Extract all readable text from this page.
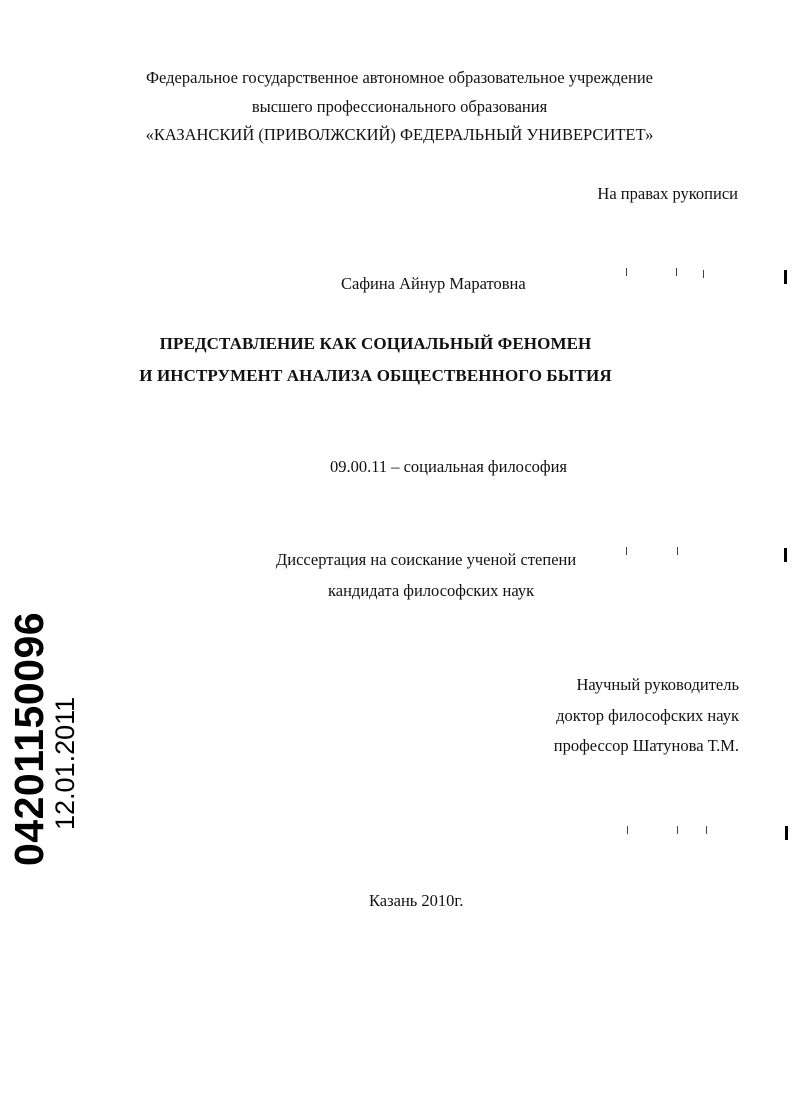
Федеральное государственное автономное образовательное учреждение
высшего профессионального образования
«КАЗАНСКИЙ (ПРИВОЛЖСКИЙ) ФЕДЕРАЛЬНЫЙ УНИВЕРСИТЕТ»
На правах рукописи
Сафина Айнур Маратовна
ПРЕДСТАВЛЕНИЕ КАК СОЦИАЛЬНЫЙ ФЕНОМЕН
И ИНСТРУМЕНТ АНАЛИЗА ОБЩЕСТВЕННОГО БЫТИЯ
09.00.11 – социальная философия
Диссертация на соискание ученой степени
кандидата философских наук
Научный руководитель
доктор философских наук
профессор Шатунова Т.М.
Казань 2010г.
04201150096
12.01.2011
